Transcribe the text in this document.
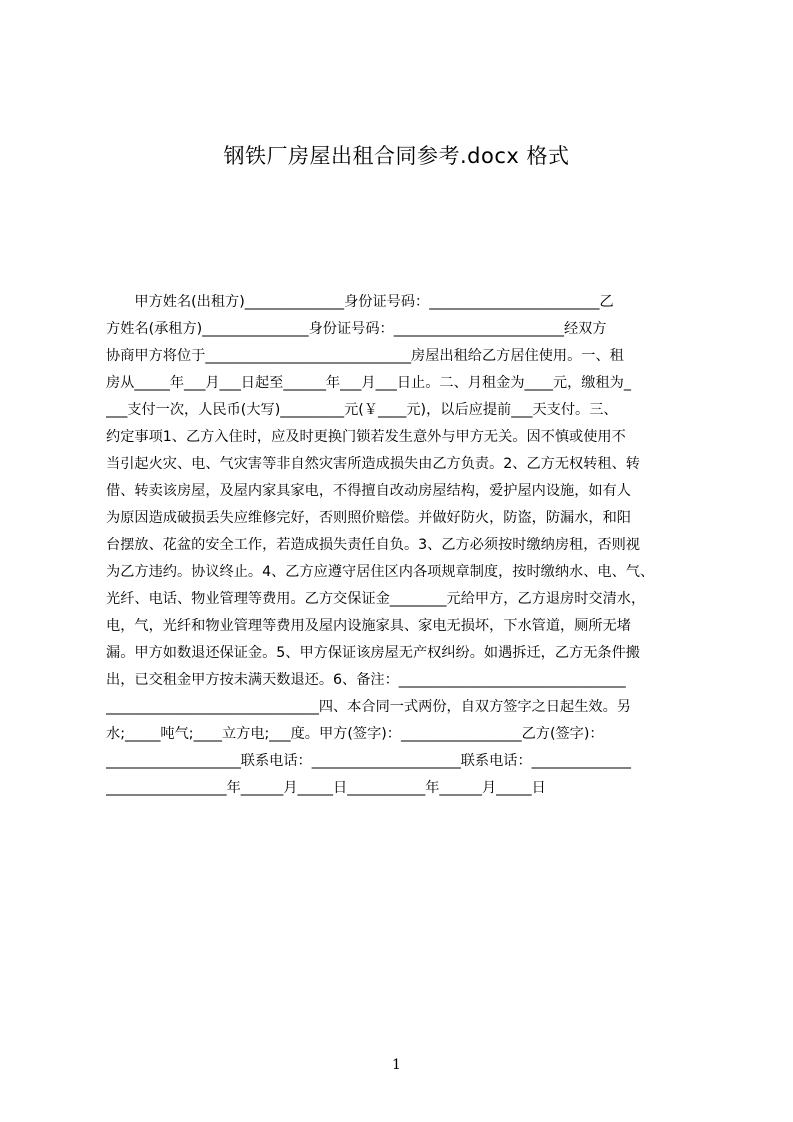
钢铁厂房屋出租合同参考.docx 格式
　　甲方姓名(出租方)______________身份证号码：________________________乙
方姓名(承租方)_______________身份证号码：________________________经双方
协商甲方将位于_____________________________房屋出租给乙方居住使用。一、租
房从_____年___月___日起至______年___月___日止。二、月租金为____元，缴租为_
___支付一次，人民币(大写)_________元(￥____元)，以后应提前___天支付。三、
约定事项1、乙方入住时，应及时更换门锁若发生意外与甲方无关。因不慎或使用不
当引起火灾、电、气灾害等非自然灾害所造成损失由乙方负责。2、乙方无权转租、转
借、转卖该房屋，及屋内家具家电，不得擅自改动房屋结构，爱护屋内设施，如有人
为原因造成破损丢失应维修完好，否则照价赔偿。并做好防火，防盗，防漏水，和阳
台摆放、花盆的安全工作，若造成损失责任自负。3、乙方必须按时缴纳房租，否则视
为乙方违约。协议终止。4、乙方应遵守居住区内各项规章制度，按时缴纳水、电、气、
光纤、电话、物业管理等费用。乙方交保证金________元给甲方，乙方退房时交清水，
电，气，光纤和物业管理等费用及屋内设施家具、家电无损坏，下水管道，厕所无堵
漏。甲方如数退还保证金。5、甲方保证该房屋无产权纠纷。如遇拆迁，乙方无条件搬
出，已交租金甲方按未满天数退还。6、备注：________________________________
______________________________四、本合同一式两份，自双方签字之日起生效。另
水;_____吨气;____立方电;___度。甲方(签字)：_________________乙方(签字)：
___________________联系电话：_____________________联系电话：______________
_________________年______月_____日___________年______月_____日
1
